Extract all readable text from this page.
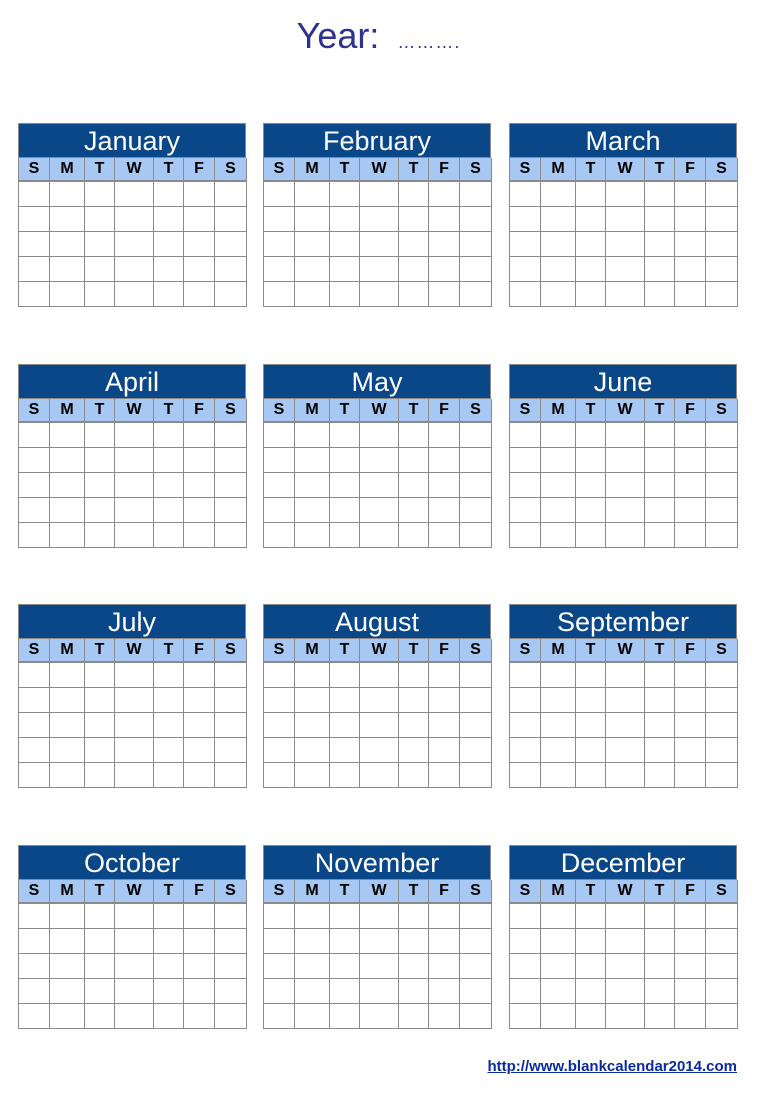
Year: ……….
January
S	M	T	W	T	F	S
February
S	M	T	W	T	F	S
March
S	M	T	W	T	F	S
April
S	M	T	W	T	F	S
May
S	M	T	W	T	F	S
June
S	M	T	W	T	F	S
July
S	M	T	W	T	F	S
August
S	M	T	W	T	F	S
September
S	M	T	W	T	F	S
October
S	M	T	W	T	F	S
November
S	M	T	W	T	F	S
December
S	M	T	W	T	F	S
http://www.blankcalendar2014.com
